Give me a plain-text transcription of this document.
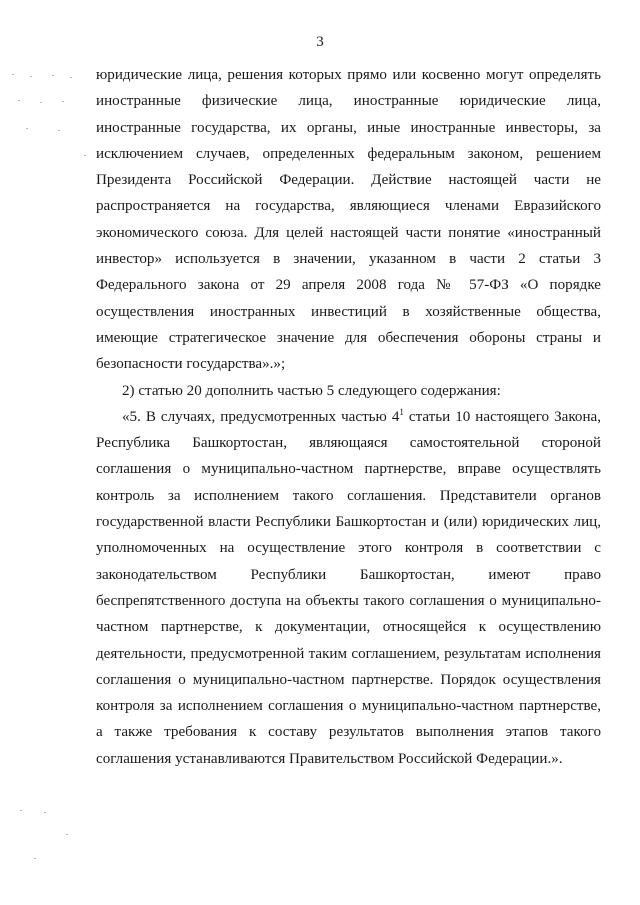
3
юридические лица, решения которых прямо или косвенно могут определять
иностранные физические лица, иностранные юридические лица,
иностранные государства, их органы, иные иностранные инвесторы, за
исключением случаев, определенных федеральным законом, решением
Президента Российской Федерации. Действие настоящей части не
распространяется на государства, являющиеся членами Евразийского
экономического союза. Для целей настоящей части понятие «иностранный
инвестор» используется в значении, указанном в части 2 статьи 3
Федерального закона от 29 апреля 2008 года № 57-ФЗ «О порядке
осуществления иностранных инвестиций в хозяйственные общества,
имеющие стратегическое значение для обеспечения обороны страны и
безопасности государства».»;
2) статью 20 дополнить частью 5 следующего содержания:
«5. В случаях, предусмотренных частью $4^1$ статьи 10 настоящего Закона,
Республика Башкортостан, являющаяся самостоятельной стороной
соглашения о муниципально-частном партнерстве, вправе осуществлять
контроль за исполнением такого соглашения. Представители органов
государственной власти Республики Башкортостан и (или) юридических лиц,
уполномоченных на осуществление этого контроля в соответствии с
законодательством Республики Башкортостан, имеют право
беспрепятственного доступа на объекты такого соглашения о муниципально-
частном партнерстве, к документации, относящейся к осуществлению
деятельности, предусмотренной таким соглашением, результатам исполнения
соглашения о муниципально-частном партнерстве. Порядок осуществления
контроля за исполнением соглашения о муниципально-частном партнерстве,
а также требования к составу результатов выполнения этапов такого
соглашения устанавливаются Правительством Российской Федерации.».
